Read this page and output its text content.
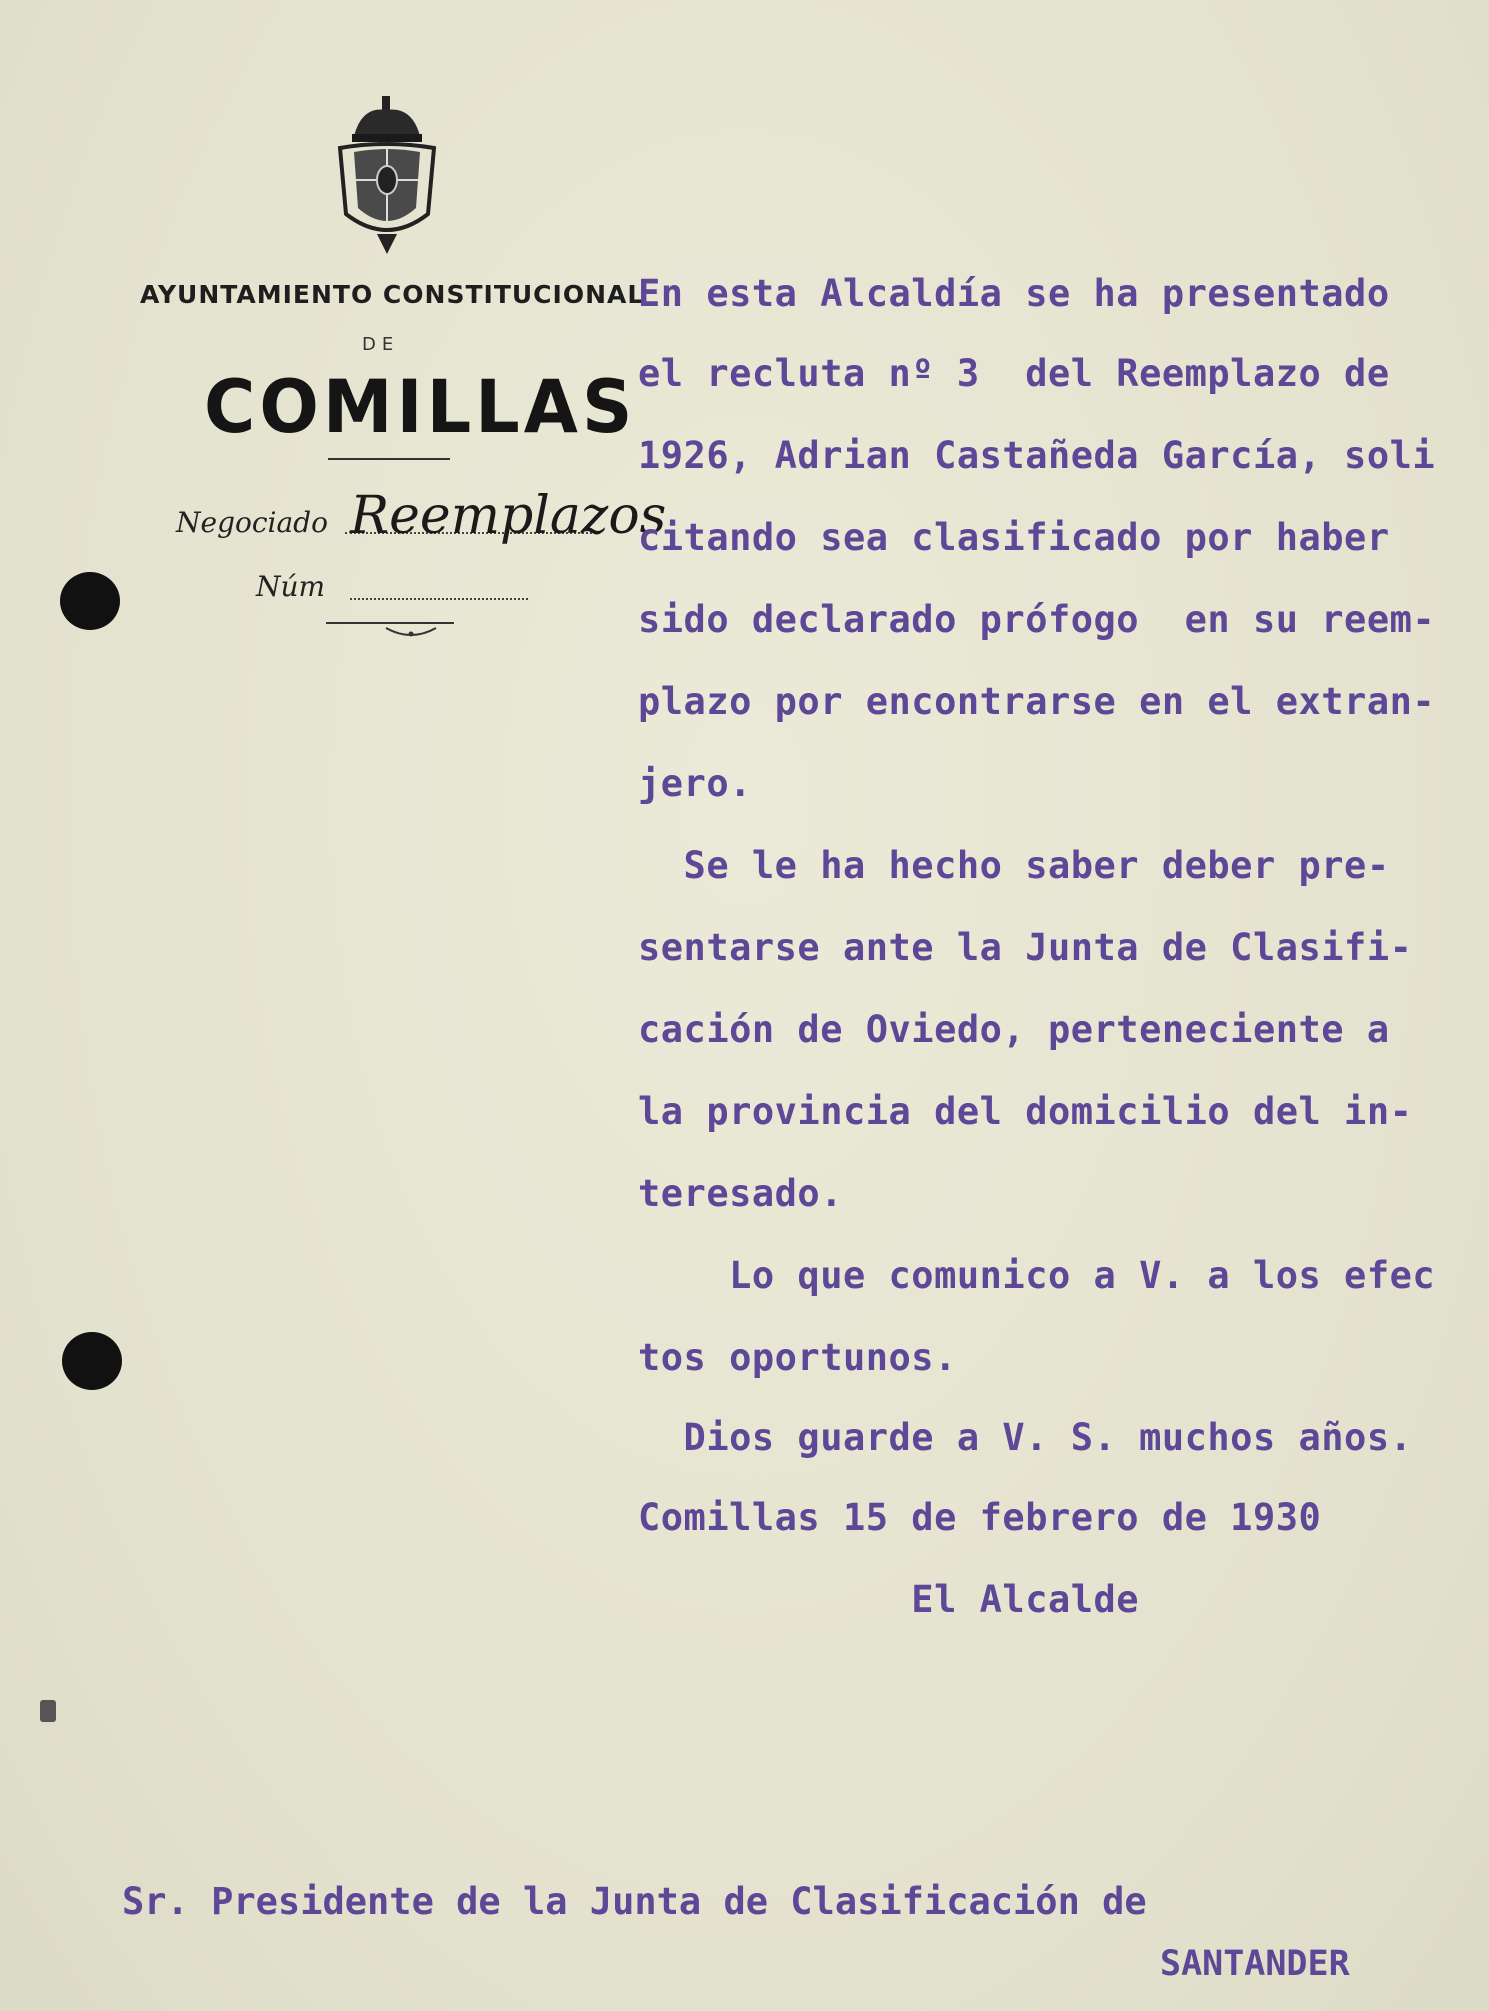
AYUNTAMIENTO CONSTITUCIONAL
DE
COMILLAS
Negociado Reemplazos
Núm
En esta Alcaldía se ha presentado
el recluta nº 3  del Reemplazo de
1926, Adrian Castañeda García, soli
citando sea clasificado por haber
sido declarado prófogo  en su reem-
plazo por encontrarse en el extran-
jero.
Se le ha hecho saber deber pre-
sentarse ante la Junta de Clasifi-
cación de Oviedo, perteneciente a
la provincia del domicilio del in-
teresado.
Lo que comunico a V. a los efec
tos oportunos.
Dios guarde a V. S. muchos años.
Comillas 15 de febrero de 1930
El Alcalde
Sr. Presidente de la Junta de Clasificación de
SANTANDER
